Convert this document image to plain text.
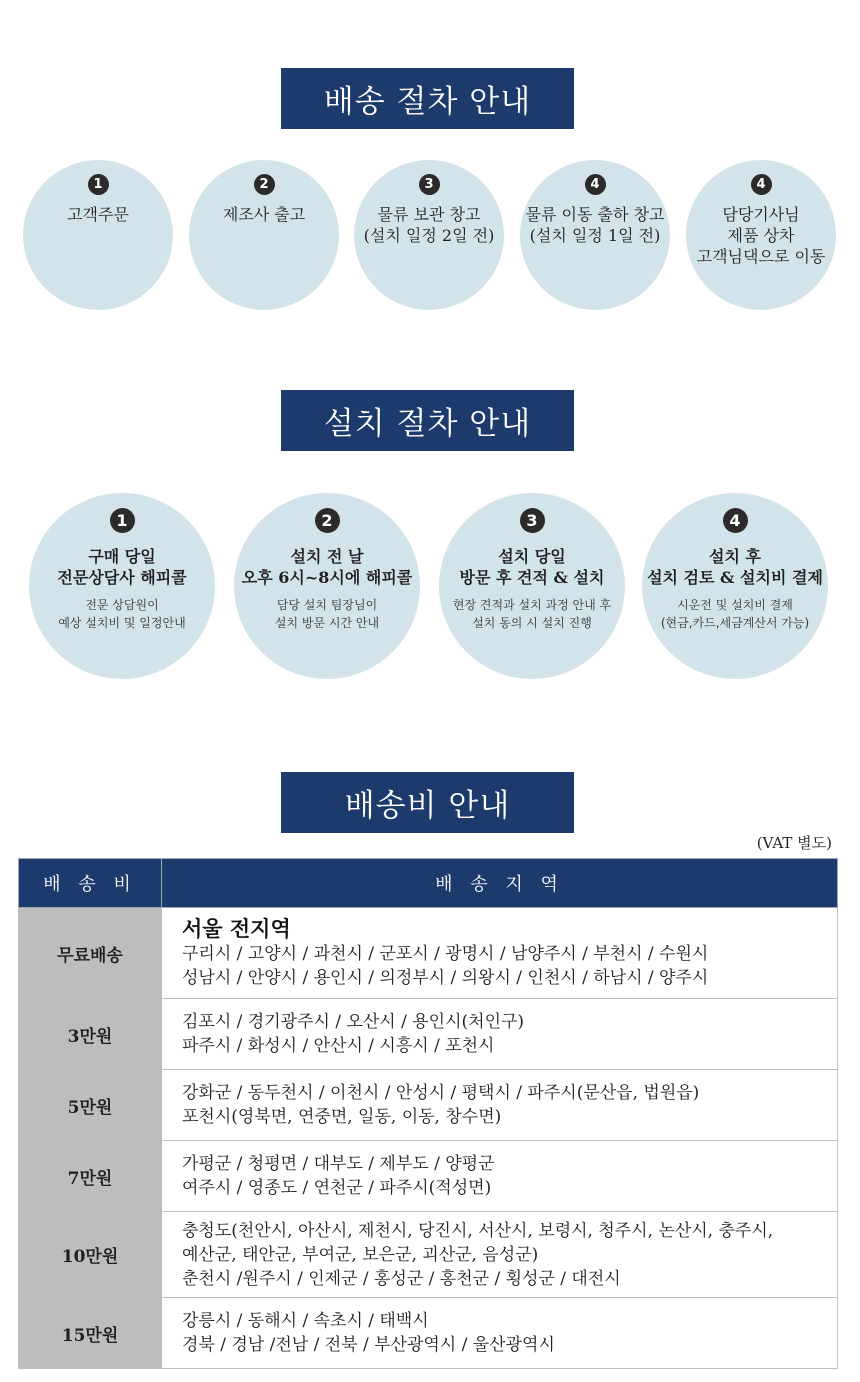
배송 절차 안내
1
고객주문
2
제조사 출고
3
물류 보관 창고
(설치 일정 2일 전)
4
물류 이동 출하 창고
(설치 일정 1일 전)
4
담당기사님
제품 상차
고객님댁으로 이동
설치 절차 안내
1
구매 당일
전문상담사 해피콜
전문 상담원이
예상 설치비 및 일정안내
2
설치 전 날
오후 6시~8시에 해피콜
담당 설치 팀장님이
설치 방문 시간 안내
3
설치 당일
방문 후 견적 & 설치
현장 견적과 설치 과정 안내 후
설치 동의 시 설치 진행
4
설치 후
설치 검토 & 설치비 결제
시운전 및 설치비 결제
(현금,카드,세금계산서 가능)
배송비 안내
(VAT 별도)
배 송 비	배 송 지 역
무료배송	서울 전지역
구리시 / 고양시 / 과천시 / 군포시 / 광명시 / 남양주시 / 부천시 / 수원시
성남시 / 안양시 / 용인시 / 의정부시 / 의왕시 / 인천시 / 하남시 / 양주시

3만원	김포시 / 경기광주시 / 오산시 / 용인시(처인구)
파주시 / 화성시 / 안산시 / 시흥시 / 포천시

5만원	강화군 / 동두천시 / 이천시 / 안성시 / 평택시 / 파주시(문산읍, 법원읍)
포천시(영북면, 연중면, 일동, 이동, 창수면)

7만원	가평군 / 청평면 / 대부도 / 제부도 / 양평군
여주시 / 영종도 / 연천군 / 파주시(적성면)

10만원	충청도(천안시, 아산시, 제천시, 당진시, 서산시, 보령시, 청주시, 논산시, 충주시,
예산군, 태안군, 부여군, 보은군, 괴산군, 음성군)
춘천시 /원주시 / 인제군 / 홍성군 / 홍천군 / 횡성군 / 대전시

15만원	강릉시 / 동해시 / 속초시 / 태백시
경북 / 경남 /전남 / 전북 / 부산광역시 / 울산광역시
